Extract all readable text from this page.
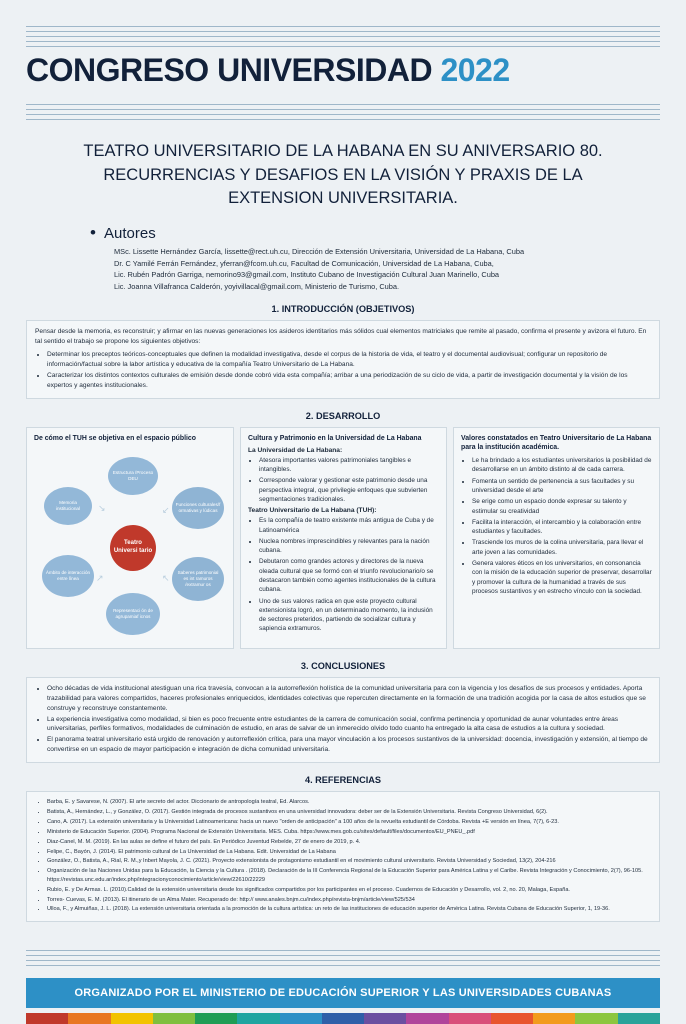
CONGRESO UNIVERSIDAD 2022
TEATRO UNIVERSITARIO DE LA HABANA EN SU ANIVERSARIO 80. RECURRENCIAS Y DESAFIOS EN LA VISIÓN Y PRAXIS DE LA EXTENSION UNIVERSITARIA.
• Autores
MSc. Lissette Hernández García, lissette@rect.uh.cu, Dirección de Extensión Universitaria, Universidad de La Habana, Cuba
Dr. C Yamilé Ferrán Fernández, yferran@fcom.uh.cu, Facultad de Comunicación, Universidad de La Habana, Cuba,
Lic. Rubén Padrón Garriga, nemorino93@gmail.com, Instituto Cubano de Investigación Cultural Juan Marinello, Cuba
Lic. Joanna Villafranca Calderón, yoyivillacal@gmail.com, Ministerio de Turismo, Cuba.
1. INTRODUCCIÓN (OBJETIVOS)

Pensar desde la memoria, es reconstruir; y afirmar en las nuevas generaciones los asideros identitarios más sólidos cual elementos matriciales que remite al pasado, confirma el presente y avizora el futuro. En tal sentido el trabajo se propone los siguientes objetivos:

• Determinar los preceptos teóricos-conceptuales que definen la modalidad investigativa, desde el corpus de la historia de vida, el teatro y el documental audiovisual; configurar un repositorio de información/factual sobre la labor artística y educativa de la compañía Teatro Universitario de La Habana.
• Caracterizar los distintos contextos culturales de emisión desde donde cobró vida esta compañía; arribar a una periodización de su ciclo de vida, a partir de investigación documental y la visión de los expertos y agentes institucionales.
2. DESARROLLO
De cómo el TUH se objetiva en el espacio público
Teatro Universi tario
Estructura /Proceso DEU
Memoria institucional
Funciones culturales/f ormativas y lúdicas
Ámbito de interacción entre línea
Saberes patrimonial es int ramuros /extramur os
Representaci ón de agrupamiaf icnos
↘	↙
↗	↖
Cultura y Patrimonio en la Universidad de La Habana
La Universidad de La Habana:
• Atesora importantes valores patrimoniales tangibles e intangibles.
• Corresponde valorar y gestionar este patrimonio desde una perspectiva integral, que privilegie enfoques que subvierten segmentaciones tradicionales.
Teatro Universitario de La Habana (TUH):
• Es la compañía de teatro existente más antigua de Cuba y de Latinoamérica
• Nuclea nombres imprescindibles y relevantes para la nación cubana.
• Debutaron como grandes actores y directores de la nueva oleada cultural que se formó con el triunfo revolucionario/o se destacaron también como agentes institucionales de la cultura cubana.
• Uno de sus valores radica en que este proyecto cultural extensionista logró, en un determinado momento, la inclusión de sectores preteridos, partiendo de socializar cultura y sapiencia extramuros.
Valores constatados en Teatro Universitario de La Habana para la institución académica.
• Le ha brindado a los estudiantes universitarios la posibilidad de desarrollarse en un ámbito distinto al de cada carrera.
• Fomenta un sentido de pertenencia a sus facultades y su universidad desde el arte
• Se erige como un espacio donde expresar su talento y estimular su creatividad
• Facilita la interacción, el intercambio y la colaboración entre estudiantes y facultades.
• Trasciende los muros de la colina universitaria, para llevar el arte joven a las comunidades.
• Genera valores éticos en los universitarios, en consonancia con la misión de la educación superior de preservar, desarrollar y promover la cultura de la humanidad a través de sus procesos sustantivos y en estrecho vínculo con la sociedad.
3. CONCLUSIONES
• Ocho décadas de vida institucional atestiguan una rica travesía, convocan a la autorreflexión holística de la comunidad universitaria para con la vigencia y los desafíos de sus procesos y entidades. Aporta trazabilidad para valores compartidos, haceres profesionales enriquecidos, identidades colectivas que repercuten directamente en la formación de una tradición acogida por la casa de altos estudios que se construye y reconstruye constantemente.
• La experiencia investigativa como modalidad, si bien es poco frecuente entre estudiantes de la carrera de comunicación social, confirma pertinencia y oportunidad de aunar voluntades entre áreas universitarias, perfiles formativos, modalidades de culminación de estudio, en aras de salvar de un inmerecido olvido todo cuanto ha entregado la alta casa de estudios a la cultura y sociedad.
• El panorama teatral universitario está urgido de renovación y autorreflexión crítica, para una mayor vinculación a los procesos sustantivos de la universidad: docencia, investigación y extensión, al tiempo de convertirse en un espacio de mayor participación e integración de dicha comunidad universitaria.
4. REFERENCIAS
• Barba, E. y Savarese, N. (2007). El arte secreto del actor. Diccionario de antropología teatral, Ed. Alarcos.
• Batista, A., Hernández, L., y González, O. (2017). Gestión integrada de procesos sustantivos en una universidad innovadora: deber ser de la Extensión Universitaria. Revista Congreso Universidad, 6(2).
• Cano, A. (2017). La extensión universitaria y la Universidad Latinoamericana: hacia un nuevo "orden de anticipación" a 100 años de la revuelta estudiantil de Córdoba. Revista +E versión en línea, 7(7), 6-23.
• Ministerio de Educación Superior. (2004). Programa Nacional de Extensión Universitaria. MES. Cuba. https://www.mes.gob.cu/sites/default/files/documentos/EU_PNEU_.pdf
• Diaz-Canel, M. M. (2019). En las aulas se define el futuro del país. En Periódico Juventud Rebelde, 27 de enero de 2019, p. 4.
• Felipe, C., Bayón, J. (2014). El patrimonio cultural de La Universidad de La Habana. Edit. Universidad de La Habana
• González, O., Batista, A., Rial, R. M.,y Inbert Mayola, J. C. (2021). Proyecto extensionista de protagonismo estudiantil en el movimiento cultural universitario. Revista Universidad y Sociedad, 13(2), 204-216
• Organización de las Naciones Unidas para la Educación, la Ciencia y la Cultura . (2018). Declaración de la III Conferencia Regional de la Educación Superior para América Latina y el Caribe. Revista Integración y Conocimiento, 2(7), 96-105. https://revistas.unc.edu.ar/index.php/integracionyconocimiento/article/view/22610/22229
• Rubio, E. y De Armas. L. (2010).Calidad de la extensión universitaria desde los significados compartidos por los participantes en el proceso. Cuadernos de Educación y Desarrollo, vol. 2, no. 20, Malaga, España.
• Torres- Cuevas, E. M. (2013). El itinerario de un Alma Mater. Recuperado de: http:// www.anales.bnjm.cu/index.php/revista-bnjm/article/view/525/534
• Ulloa, F., y Almuiñas, J. L. (2018). La extensión universitaria orientada a la promoción de la cultura artística: un reto de las instituciones de educación superior de América Latina. Revista Cubana de Educación Superior, 1, 19-36.
ORGANIZADO POR EL MINISTERIO DE EDUCACIÓN SUPERIOR Y LAS UNIVERSIDADES CUBANAS
